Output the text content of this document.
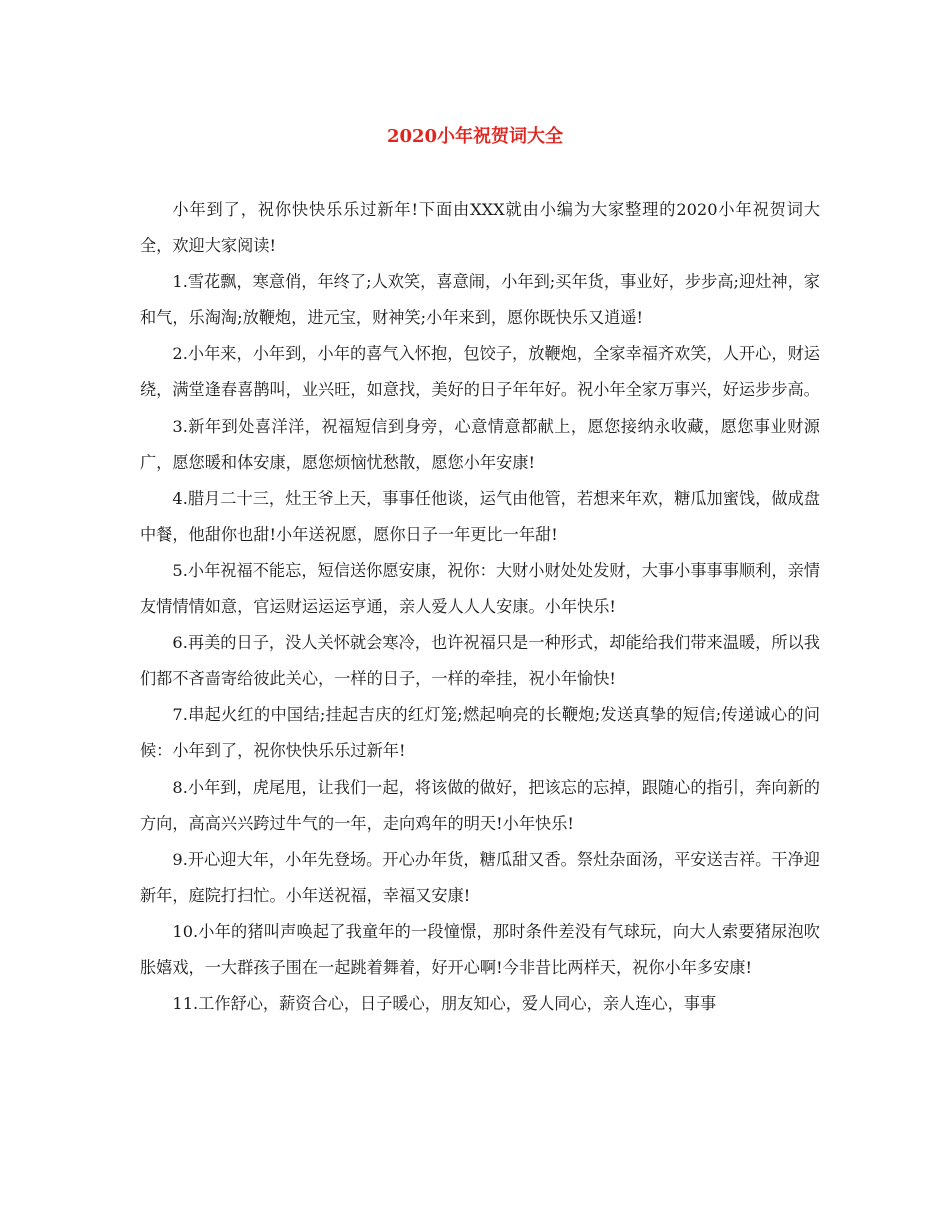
2020小年祝贺词大全

小年到了，祝你快快乐乐过新年!下面由XXX就由小编为大家整理的2020小年祝贺词大全，欢迎大家阅读!

1.雪花飘，寒意俏，年终了;人欢笑，喜意闹，小年到;买年货，事业好，步步高;迎灶神，家和气，乐淘淘;放鞭炮，进元宝，财神笑;小年来到，愿你既快乐又逍遥!

2.小年来，小年到，小年的喜气入怀抱，包饺子，放鞭炮，全家幸福齐欢笑，人开心，财运绕，满堂逢春喜鹊叫，业兴旺，如意找，美好的日子年年好。祝小年全家万事兴，好运步步高。

3.新年到处喜洋洋，祝福短信到身旁，心意情意都献上，愿您接纳永收藏，愿您事业财源广，愿您暖和体安康，愿您烦恼忧愁散，愿您小年安康!

4.腊月二十三，灶王爷上天，事事任他谈，运气由他管，若想来年欢，糖瓜加蜜饯，做成盘中餐，他甜你也甜!小年送祝愿，愿你日子一年更比一年甜!

5.小年祝福不能忘，短信送你愿安康，祝你：大财小财处处发财，大事小事事事顺利，亲情友情情情如意，官运财运运运亨通，亲人爱人人人安康。小年快乐!

6.再美的日子，没人关怀就会寒冷，也许祝福只是一种形式，却能给我们带来温暖，所以我们都不吝啬寄给彼此关心，一样的日子，一样的牵挂，祝小年愉快!

7.串起火红的中国结;挂起吉庆的红灯笼;燃起响亮的长鞭炮;发送真挚的短信;传递诚心的问候：小年到了，祝你快快乐乐过新年!

8.小年到，虎尾甩，让我们一起，将该做的做好，把该忘的忘掉，跟随心的指引，奔向新的方向，高高兴兴跨过牛气的一年，走向鸡年的明天!小年快乐!

9.开心迎大年，小年先登场。开心办年货，糖瓜甜又香。祭灶杂面汤，平安送吉祥。干净迎新年，庭院打扫忙。小年送祝福，幸福又安康!

10.小年的猪叫声唤起了我童年的一段憧憬，那时条件差没有气球玩，向大人索要猪尿泡吹胀嬉戏，一大群孩子围在一起跳着舞着，好开心啊!今非昔比两样天，祝你小年多安康!

11.工作舒心，薪资合心，日子暖心，朋友知心，爱人同心，亲人连心，事事
